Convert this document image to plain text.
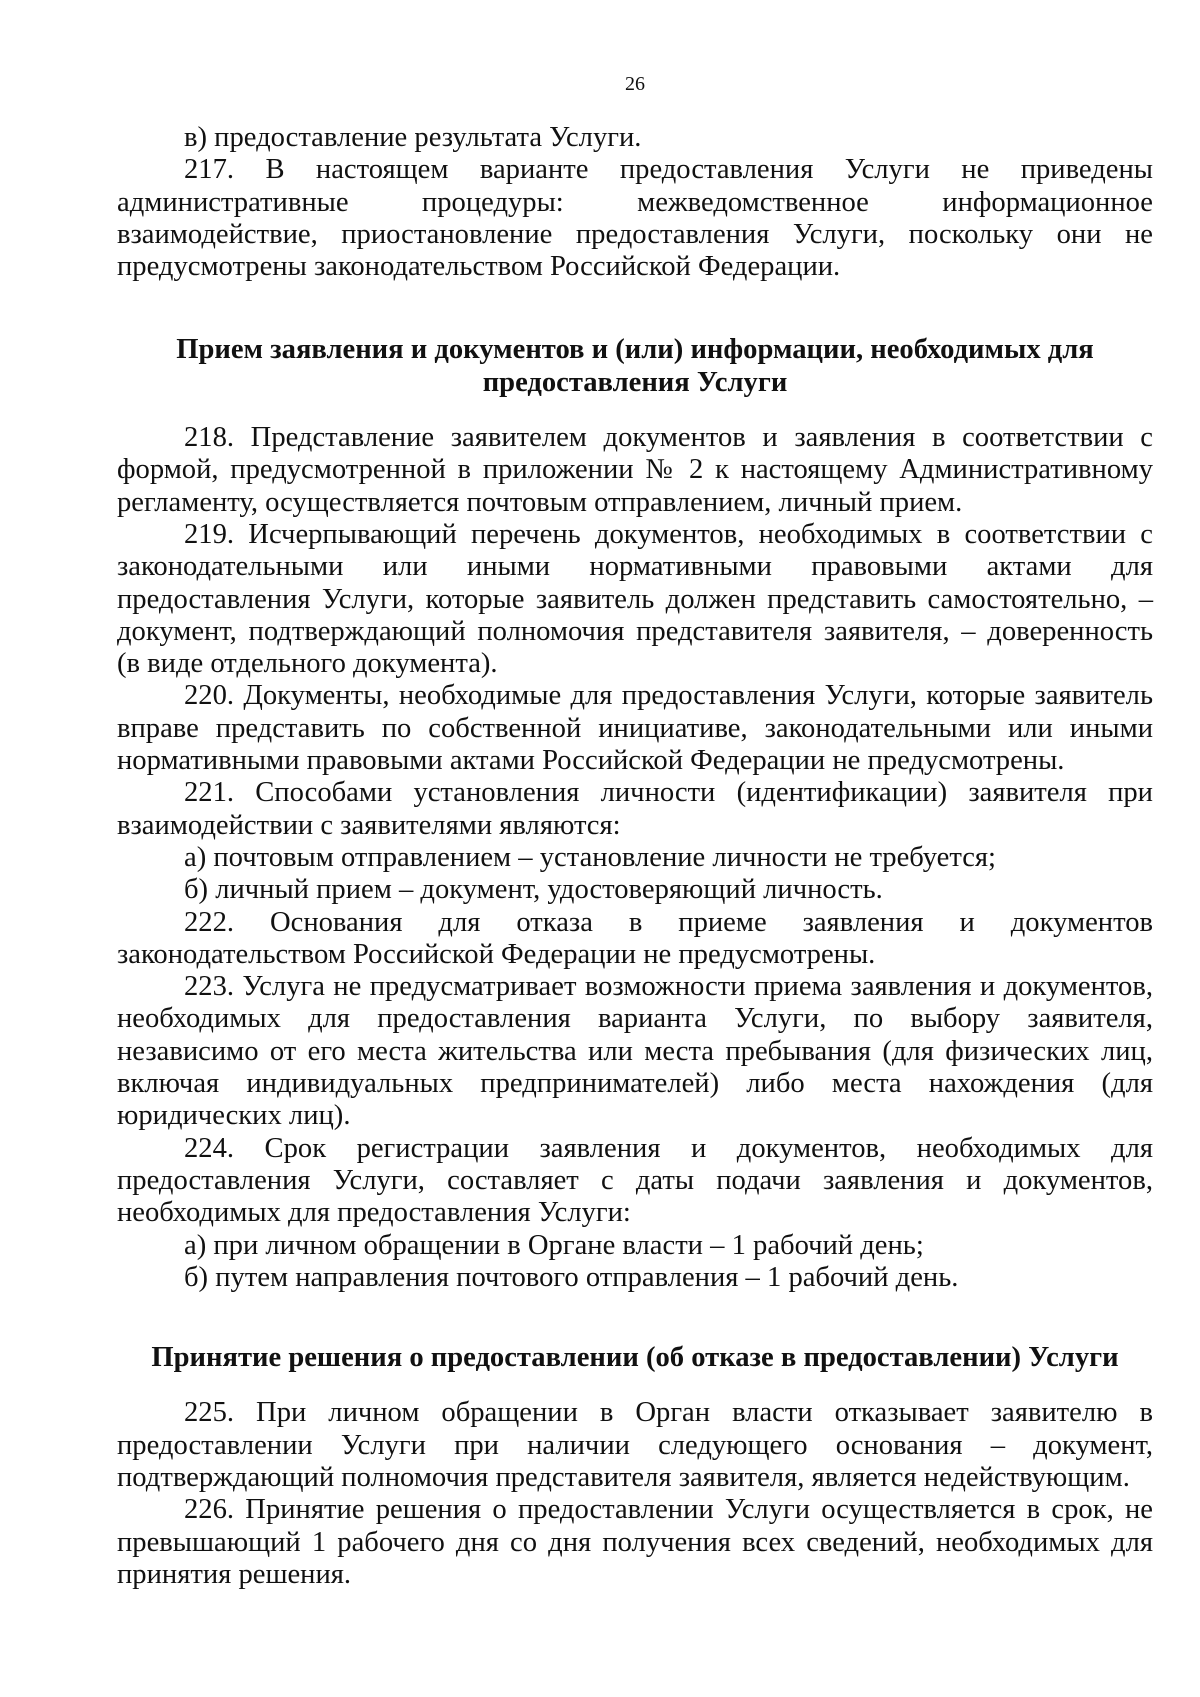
26

в) предоставление результата Услуги.

217. В настоящем варианте предоставления Услуги не приведены административные процедуры: межведомственное информационное взаимодействие, приостановление предоставления Услуги, поскольку они не предусмотрены законодательством Российской Федерации.

Прием заявления и документов и (или) информации, необходимых для предоставления Услуги

218. Представление заявителем документов и заявления в соответствии с формой, предусмотренной в приложении № 2 к настоящему Административному регламенту, осуществляется почтовым отправлением, личный прием.

219. Исчерпывающий перечень документов, необходимых в соответствии с законодательными или иными нормативными правовыми актами для предоставления Услуги, которые заявитель должен представить самостоятельно, – документ, подтверждающий полномочия представителя заявителя, – доверенность (в виде отдельного документа).

220. Документы, необходимые для предоставления Услуги, которые заявитель вправе представить по собственной инициативе, законодательными или иными нормативными правовыми актами Российской Федерации не предусмотрены.

221. Способами установления личности (идентификации) заявителя при взаимодействии с заявителями являются:

а) почтовым отправлением – установление личности не требуется;

б) личный прием – документ, удостоверяющий личность.

222. Основания для отказа в приеме заявления и документов законодательством Российской Федерации не предусмотрены.

223. Услуга не предусматривает возможности приема заявления и документов, необходимых для предоставления варианта Услуги, по выбору заявителя, независимо от его места жительства или места пребывания (для физических лиц, включая индивидуальных предпринимателей) либо места нахождения (для юридических лиц).

224. Срок регистрации заявления и документов, необходимых для предоставления Услуги, составляет с даты подачи заявления и документов, необходимых для предоставления Услуги:

а) при личном обращении в Органе власти – 1 рабочий день;

б) путем направления почтового отправления – 1 рабочий день.

Принятие решения о предоставлении (об отказе в предоставлении) Услуги

225. При личном обращении в Орган власти отказывает заявителю в предоставлении Услуги при наличии следующего основания – документ, подтверждающий полномочия представителя заявителя, является недействующим.

226. Принятие решения о предоставлении Услуги осуществляется в срок, не превышающий 1 рабочего дня со дня получения всех сведений, необходимых для принятия решения.
